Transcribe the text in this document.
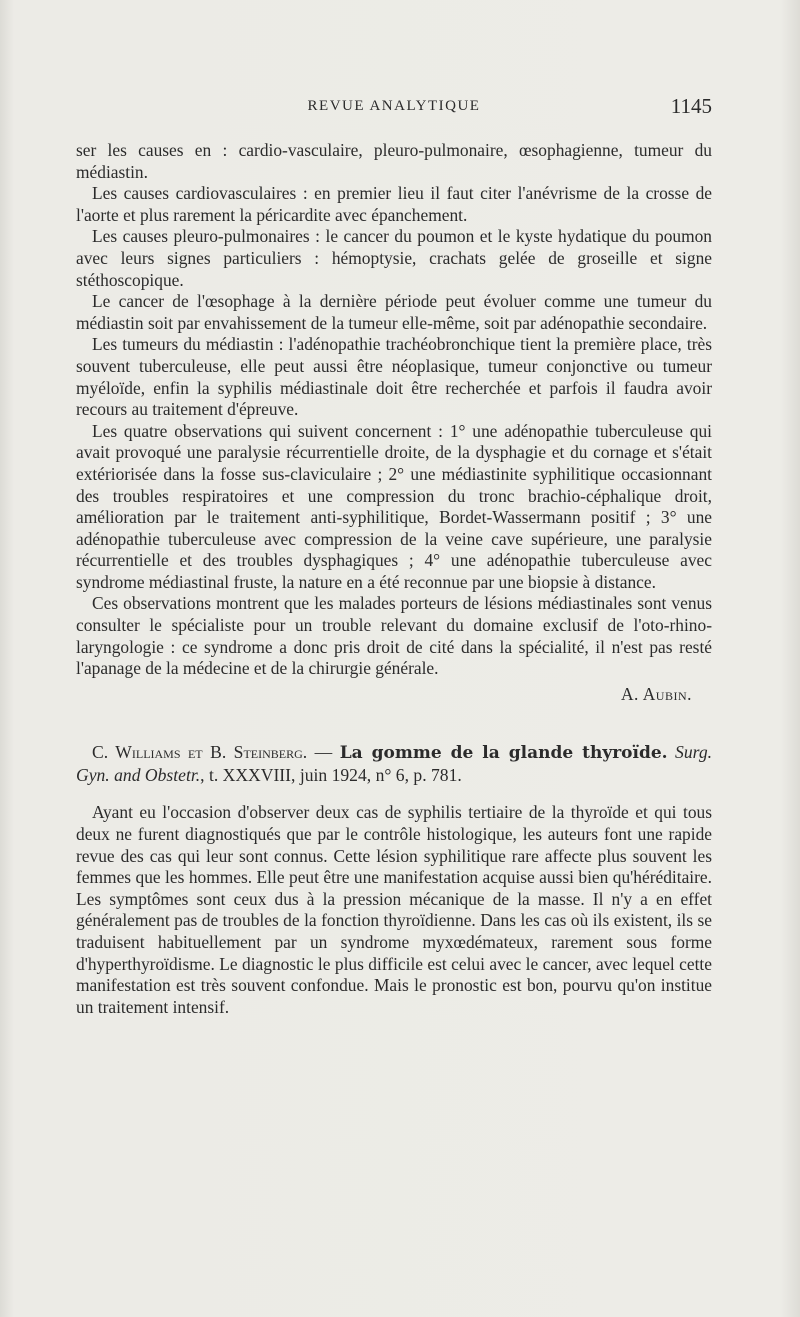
REVUE ANALYTIQUE	1145

ser les causes en : cardio-vasculaire, pleuro-pulmonaire, œsophagienne, tumeur du médiastin.

Les causes cardiovasculaires : en premier lieu il faut citer l'anévrisme de la crosse de l'aorte et plus rarement la péricardite avec épanchement.

Les causes pleuro-pulmonaires : le cancer du poumon et le kyste hydatique du poumon avec leurs signes particuliers : hémoptysie, crachats gelée de groseille et signe stéthoscopique.

Le cancer de l'œsophage à la dernière période peut évoluer comme une tumeur du médiastin soit par envahissement de la tumeur elle-même, soit par adénopathie secondaire.

Les tumeurs du médiastin : l'adénopathie trachéobronchique tient la première place, très souvent tuberculeuse, elle peut aussi être néoplasique, tumeur conjonctive ou tumeur myéloïde, enfin la syphilis médiastinale doit être recherchée et parfois il faudra avoir recours au traitement d'épreuve.

Les quatre observations qui suivent concernent : 1° une adénopathie tuberculeuse qui avait provoqué une paralysie récurrentielle droite, de la dysphagie et du cornage et s'était extériorisée dans la fosse sus-claviculaire ; 2° une médiastinite syphilitique occasionnant des troubles respiratoires et une compression du tronc brachio-céphalique droit, amélioration par le traitement anti-syphilitique, Bordet-Wassermann positif ; 3° une adénopathie tuberculeuse avec compression de la veine cave supérieure, une paralysie récurrentielle et des troubles dysphagiques ; 4° une adénopathie tuberculeuse avec syndrome médiastinal fruste, la nature en a été reconnue par une biopsie à distance.

Ces observations montrent que les malades porteurs de lésions médiastinales sont venus consulter le spécialiste pour un trouble relevant du domaine exclusif de l'oto-rhino-laryngologie : ce syndrome a donc pris droit de cité dans la spécialité, il n'est pas resté l'apanage de la médecine et de la chirurgie générale.

A. Aubin.
C. Williams et B. Steinberg. — La gomme de la glande thyroïde. Surg. Gyn. and Obstetr., t. XXXVIII, juin 1924, n° 6, p. 781.

Ayant eu l'occasion d'observer deux cas de syphilis tertiaire de la thyroïde et qui tous deux ne furent diagnostiqués que par le contrôle histologique, les auteurs font une rapide revue des cas qui leur sont connus. Cette lésion syphilitique rare affecte plus souvent les femmes que les hommes. Elle peut être une manifestation acquise aussi bien qu'héréditaire. Les symptômes sont ceux dus à la pression mécanique de la masse. Il n'y a en effet généralement pas de troubles de la fonction thyroïdienne. Dans les cas où ils existent, ils se traduisent habituellement par un syndrome myxœdémateux, rarement sous forme d'hyperthyroïdisme. Le diagnostic le plus difficile est celui avec le cancer, avec lequel cette manifestation est très souvent confondue. Mais le pronostic est bon, pourvu qu'on institue un traitement intensif.
